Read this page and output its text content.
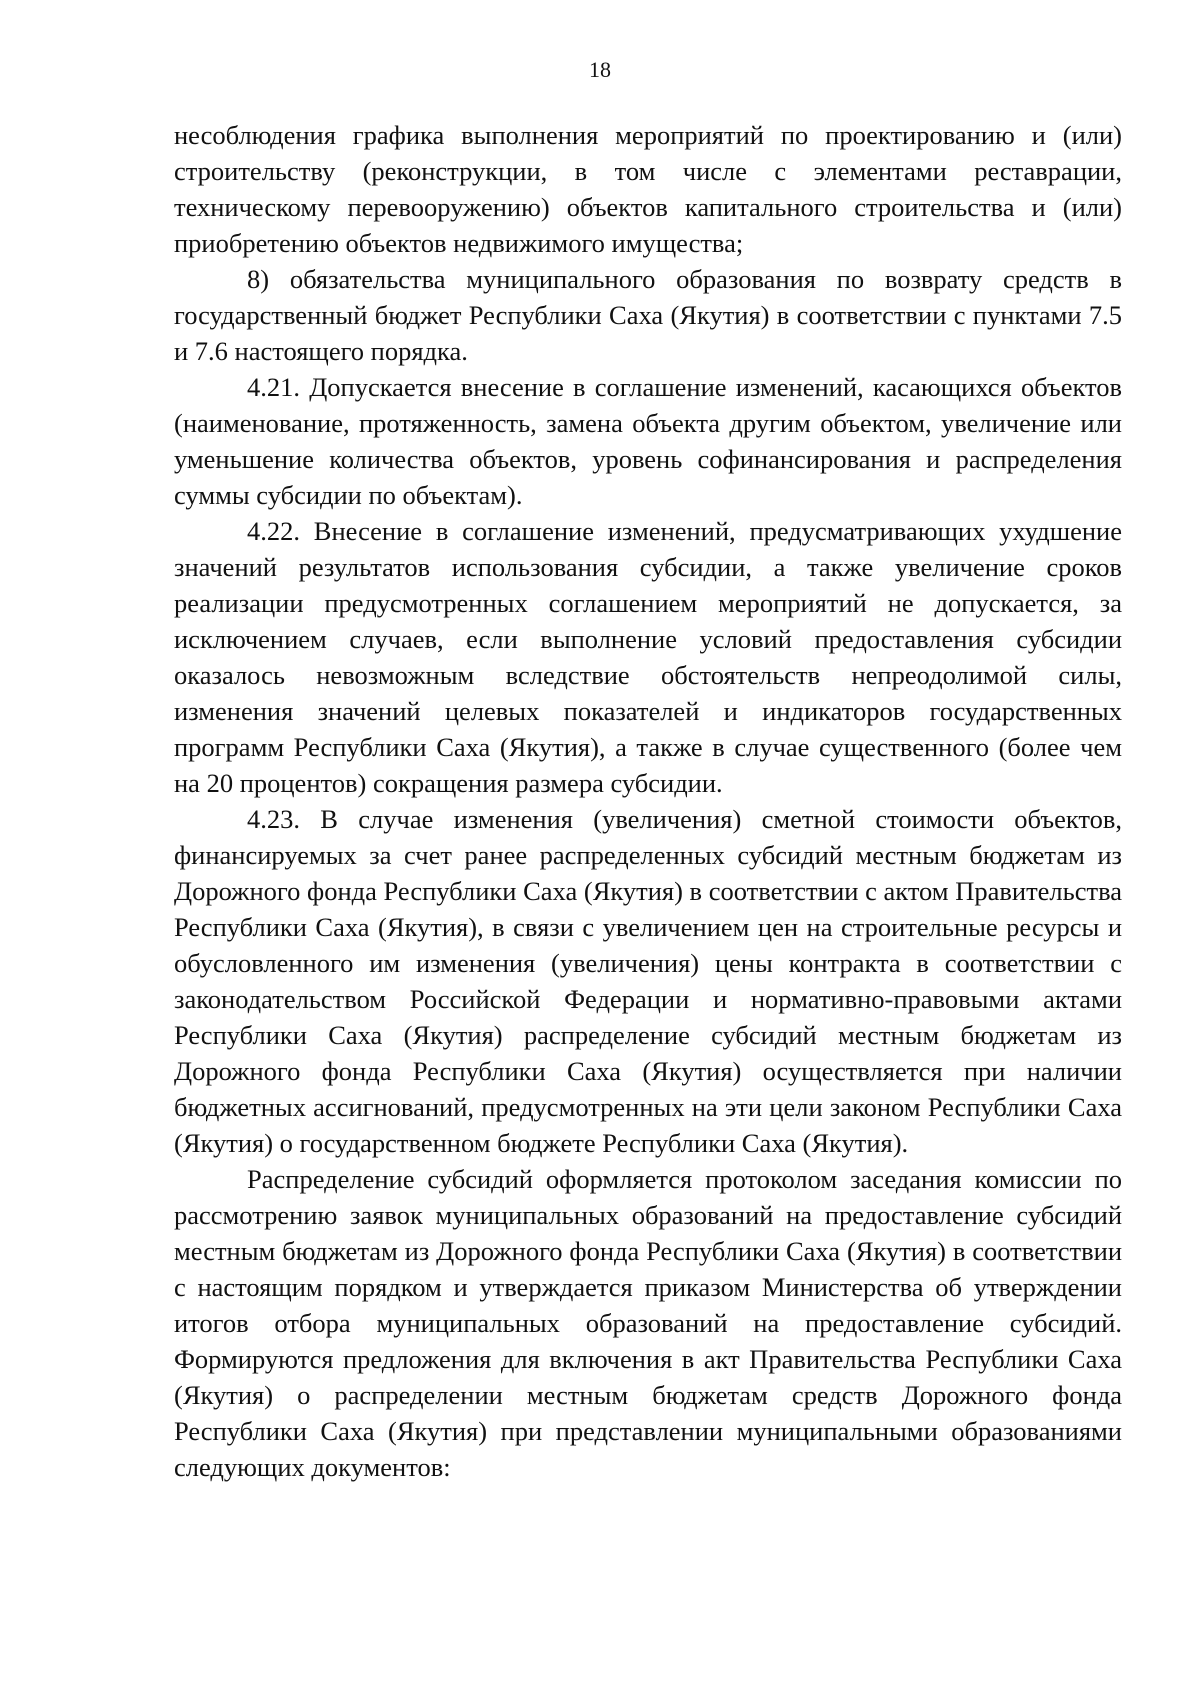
18

несоблюдения графика выполнения мероприятий по проектированию и (или) строительству (реконструкции, в том числе с элементами реставрации, техническому перевооружению) объектов капитального строительства и (или) приобретению объектов недвижимого имущества;

8) обязательства муниципального образования по возврату средств в государственный бюджет Республики Саха (Якутия) в соответствии с пунктами 7.5 и 7.6 настоящего порядка.

4.21. Допускается внесение в соглашение изменений, касающихся объектов (наименование, протяженность, замена объекта другим объектом, увеличение или уменьшение количества объектов, уровень софинансирования и распределения суммы субсидии по объектам).

4.22. Внесение в соглашение изменений, предусматривающих ухудшение значений результатов использования субсидии, а также увеличение сроков реализации предусмотренных соглашением мероприятий не допускается, за исключением случаев, если выполнение условий предоставления субсидии оказалось невозможным вследствие обстоятельств непреодолимой силы, изменения значений целевых показателей и индикаторов государственных программ Республики Саха (Якутия), а также в случае существенного (более чем на 20 процентов) сокращения размера субсидии.

4.23. В случае изменения (увеличения) сметной стоимости объектов, финансируемых за счет ранее распределенных субсидий местным бюджетам из Дорожного фонда Республики Саха (Якутия) в соответствии с актом Правительства Республики Саха (Якутия), в связи с увеличением цен на строительные ресурсы и обусловленного им изменения (увеличения) цены контракта в соответствии с законодательством Российской Федерации и нормативно-правовыми актами Республики Саха (Якутия) распределение субсидий местным бюджетам из Дорожного фонда Республики Саха (Якутия) осуществляется при наличии бюджетных ассигнований, предусмотренных на эти цели законом Республики Саха (Якутия) о государственном бюджете Республики Саха (Якутия).

Распределение субсидий оформляется протоколом заседания комиссии по рассмотрению заявок муниципальных образований на предоставление субсидий местным бюджетам из Дорожного фонда Республики Саха (Якутия) в соответствии с настоящим порядком и утверждается приказом Министерства об утверждении итогов отбора муниципальных образований на предоставление субсидий. Формируются предложения для включения в акт Правительства Республики Саха (Якутия) о распределении местным бюджетам средств Дорожного фонда Республики Саха (Якутия) при представлении муниципальными образованиями следующих документов:
